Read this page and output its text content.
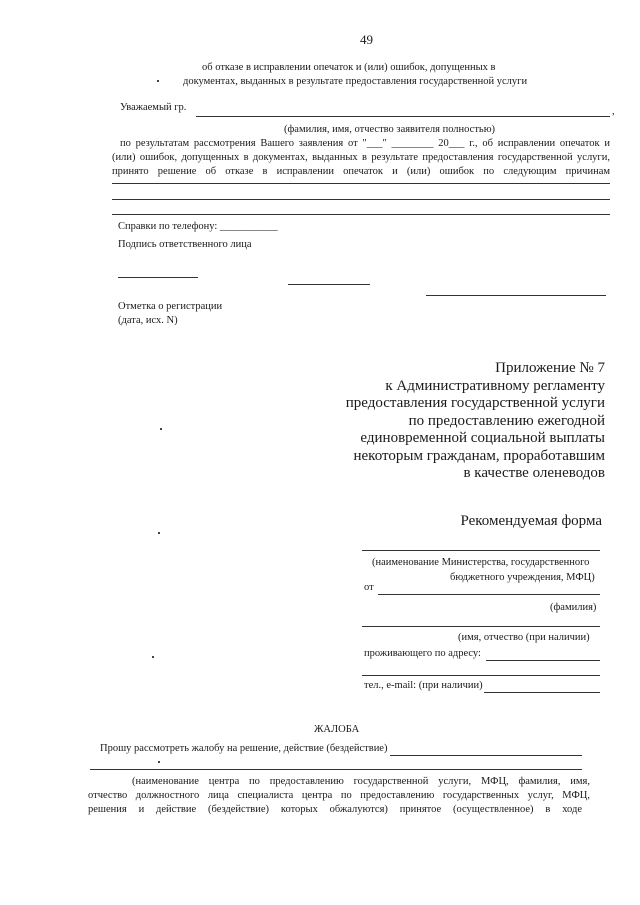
49
об отказе в исправлении опечаток и (или) ошибок, допущенных в
документах, выданных в результате предоставления государственной услуги
Уважаемый гр.	,
(фамилия, имя, отчество заявителя полностью)
по результатам рассмотрения Вашего заявления от "___" ________ 20___ г., об исправлении опечаток и
(или) ошибок, допущенных в документах, выданных в результате предоставления государственной услуги,
принято решение об отказе в исправлении опечаток и (или) ошибок по следующим причинам
Справки по телефону: ___________
Подпись ответственного лица
Отметка о регистрации
(дата, исх. N)
Приложение № 7
к Административному регламенту
предоставления государственной услуги
по предоставлению ежегодной
единовременной социальной выплаты
некоторым гражданам, проработавшим
в качестве оленеводов
Рекомендуемая форма
(наименование Министерства, государственного
бюджетного учреждения, МФЦ)
от
(фамилия)
(имя, отчество (при наличии)
проживающего по адресу:
тел., e-mail: (при наличии)
ЖАЛОБА
Прошу рассмотреть жалобу на решение, действие (бездействие)
(наименование центра по предоставлению государственной услуги, МФЦ, фамилия, имя,
отчество должностного лица специалиста центра по предоставлению государственных услуг, МФЦ,
решения и действие (бездействие) которых обжалуются) принятое (осуществленное) в ходе
